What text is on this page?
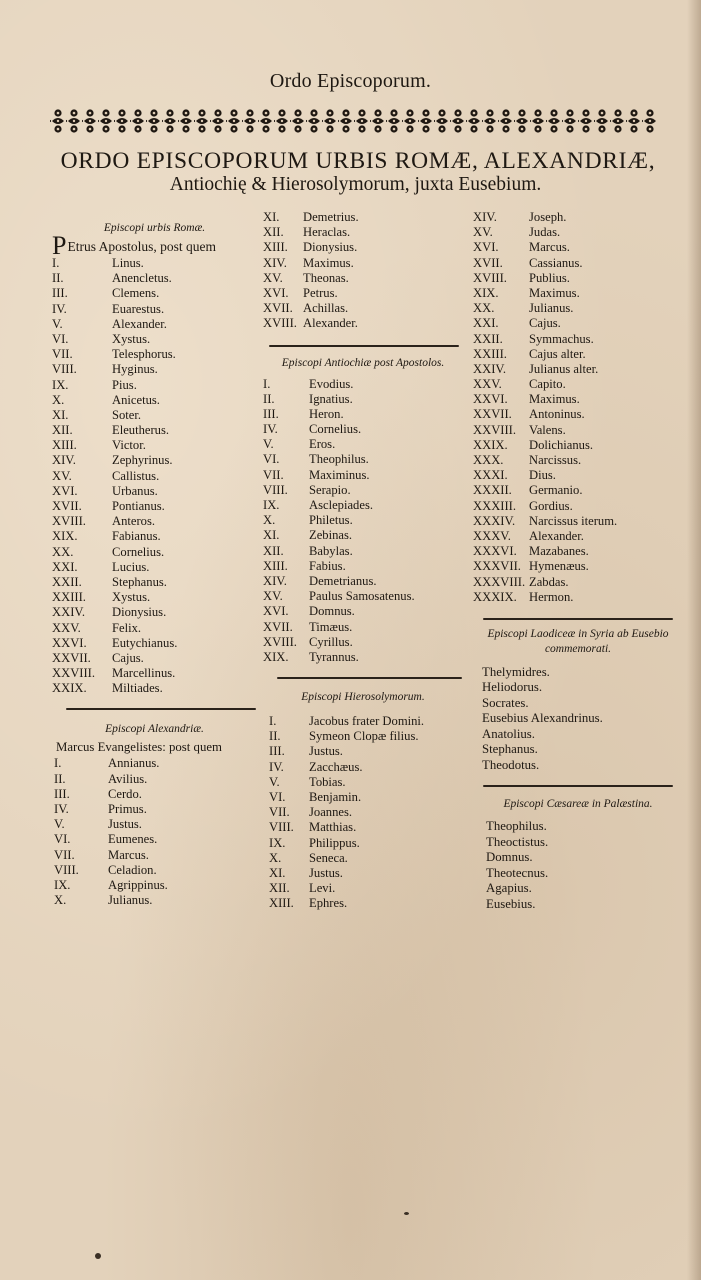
Ordo Episcoporum.
ORDO EPISCOPORUM URBIS ROMÆ, ALEXANDRIÆ,
Antiochię & Hierosolymorum, juxta Eusebium.
Episcopi urbis Romæ.
PEtrus Apostolus, post quem
I.	Linus.
II.	Anencletus.
III.	Clemens.
IV.	Euarestus.
V.	Alexander.
VI.	Xystus.
VII.	Telesphorus.
VIII.	Hyginus.
IX.	Pius.
X.	Anicetus.
XI.	Soter.
XII.	Eleutherus.
XIII.	Victor.
XIV.	Zephyrinus.
XV.	Callistus.
XVI.	Urbanus.
XVII. Pontianus.
XVIII. Anteros.
XIX.	Fabianus.
XX.	Cornelius.
XXI.	Lucius.
XXII. Stephanus.
XXIII. Xystus.
XXIV. Dionysius.
XXV. Felix.
XXVI. Eutychianus.
XXVII. Cajus.
XXVIII. Marcellinus.
XXIX. Miltiades.
Episcopi Alexandriæ.
Marcus Evangelistes: post quem
I.	Annianus.
II.	Avilius.
III.	Cerdo.
IV.	Primus.
V.	Justus.
VI.	Eumenes.
VII.	Marcus.
VIII. Celadion.
IX.	Agrippinus.
X.	Julianus.
XI. Demetrius.
XII. Heraclas.
XIII. Dionysius.
XIV. Maximus.
XV. Theonas.
XVI. Petrus.
XVII. Achillas.
XVIII. Alexander.
Episcopi Antiochiæ post Apostolos.
I.	Evodius.
II.	Ignatius.
III. Heron.
IV. Cornelius.
V.	Eros.
VI. Theophilus.
VII. Maximinus.
VIII. Serapio.
IX. Asclepiades.
X.	Philetus.
XI. Zebinas.
XII. Babylas.
XIII. Fabius.
XIV. Demetrianus.
XV. Paulus Samosatenus.
XVI. Domnus.
XVII. Timæus.
XVIII. Cyrillus.
XIX. Tyrannus.
Episcopi Hierosolymorum.
I.	Jacobus frater Domini.
II. Symeon Clopæ filius.
III. Justus.
IV. Zacchæus.
V. Tobias.
VI. Benjamin.
VII. Joannes.
VIII. Matthias.
IX. Philippus.
X. Seneca.
XI. Justus.
XII. Levi.
XIII. Ephres.
XIV.	Joseph.
XV.	Judas.
XVI. Marcus.
XVII. Cassianus.
XVIII. Publius.
XIX. Maximus.
XX.	Julianus.
XXI. Cajus.
XXII. Symmachus.
XXIII. Cajus alter.
XXIV. Julianus alter.
XXV. Capito.
XXVI. Maximus.
XXVII. Antoninus.
XXVIII. Valens.
XXIX. Dolichianus.
XXX. Narcissus.
XXXI. Dius.
XXXII. Germanio.
XXXIII. Gordius.
XXXIV. Narcissus iterum.
XXXV. Alexander.
XXXVI. Mazabanes.
XXXVII. Hymenæus.
XXXVIII. Zabdas.
XXXIX. Hermon.
Episcopi Laodiceæ in Syria ab Eusebio commemorati.
Thelymidres.
Heliodorus.
Socrates.
Eusebius Alexandrinus.
Anatolius.
Stephanus.
Theodotus.
Episcopi Cæsareæ in Palæstina.
Theophilus.
Theoctistus.
Domnus.
Theotecnus.
Agapius.
Eusebius.
